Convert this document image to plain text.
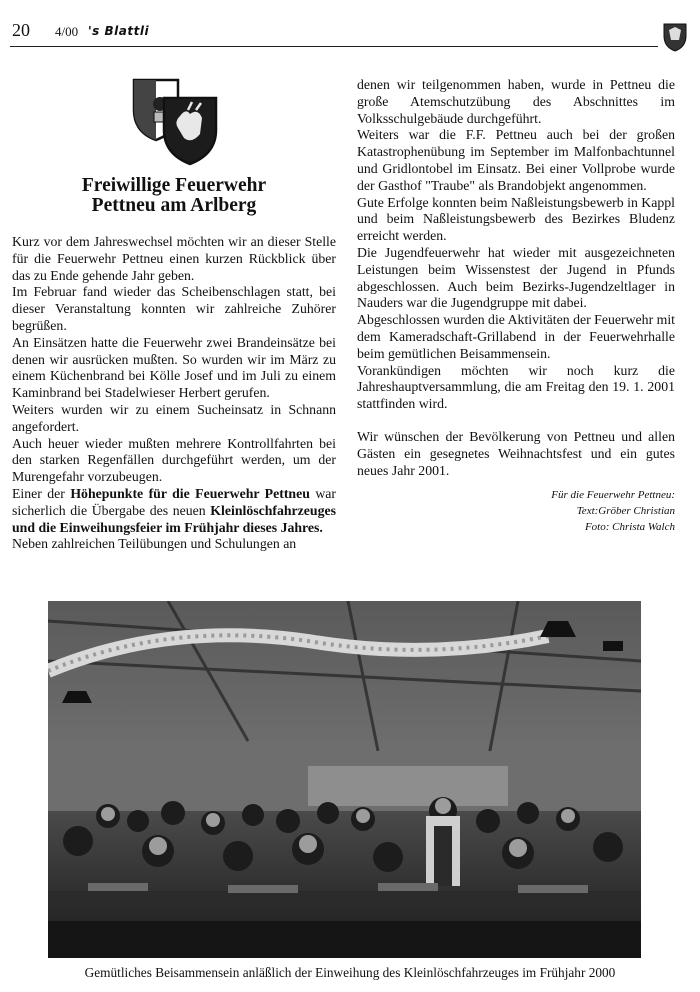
20 4/00 's Blattli
Freiwillige Feuerwehr
Pettneu am Arlberg

Kurz vor dem Jahreswechsel möchten wir an dieser Stelle für die Feuerwehr Pettneu einen kurzen Rückblick über das zu Ende gehende Jahr geben.

Im Februar fand wieder das Scheibenschlagen statt, bei dieser Veranstaltung konnten wir zahlreiche Zuhörer begrüßen.

An Einsätzen hatte die Feuerwehr zwei Brandeinsätze bei denen wir ausrücken mußten. So wurden wir im März zu einem Küchenbrand bei Kölle Josef und im Juli zu einem Kaminbrand bei Stadelwieser Herbert gerufen.

Weiters wurden wir zu einem Sucheinsatz in Schnann angefordert.

Auch heuer wieder mußten mehrere Kontrollfahrten bei den starken Regenfällen durchgeführt werden, um der Murengefahr vorzubeugen.

Einer der Höhepunkte für die Feuerwehr Pettneu war sicherlich die Übergabe des neuen Kleinlöschfahrzeuges und die Einweihungsfeier im Frühjahr dieses Jahres.

Neben zahlreichen Teilübungen und Schulungen an

denen wir teilgenommen haben, wurde in Pettneu die große Atemschutzübung des Abschnittes im Volksschulgebäude durchgeführt.

Weiters war die F.F. Pettneu auch bei der großen Katastrophenübung im September im Malfonbachtunnel und Gridlontobel im Einsatz. Bei einer Vollprobe wurde der Gasthof "Traube" als Brandobjekt angenommen.

Gute Erfolge konnten beim Naßleistungsbewerb in Kappl und beim Naßleistungsbewerb des Bezirkes Bludenz erreicht werden.

Die Jugendfeuerwehr hat wieder mit ausgezeichneten Leistungen beim Wissenstest der Jugend in Pfunds abgeschlossen. Auch beim Bezirks-Jugendzeltlager in Nauders war die Jugendgruppe mit dabei.

Abgeschlossen wurden die Aktivitäten der Feuerwehr mit dem Kameradschaft-Grillabend in der Feuerwehrhalle beim gemütlichen Beisammensein.

Vorankündigen möchten wir noch kurz die Jahreshauptversammlung, die am Freitag den 19. 1. 2001 stattfinden wird.

Wir wünschen der Bevölkerung von Pettneu und allen Gästen ein gesegnetes Weihnachtsfest und ein gutes neues Jahr 2001.

Für die Feuerwehr Pettneu:
Text:Gröber Christian
Foto: Christa Walch
Gemütliches Beisammensein anläßlich der Einweihung des Kleinlöschfahrzeuges im Frühjahr 2000
